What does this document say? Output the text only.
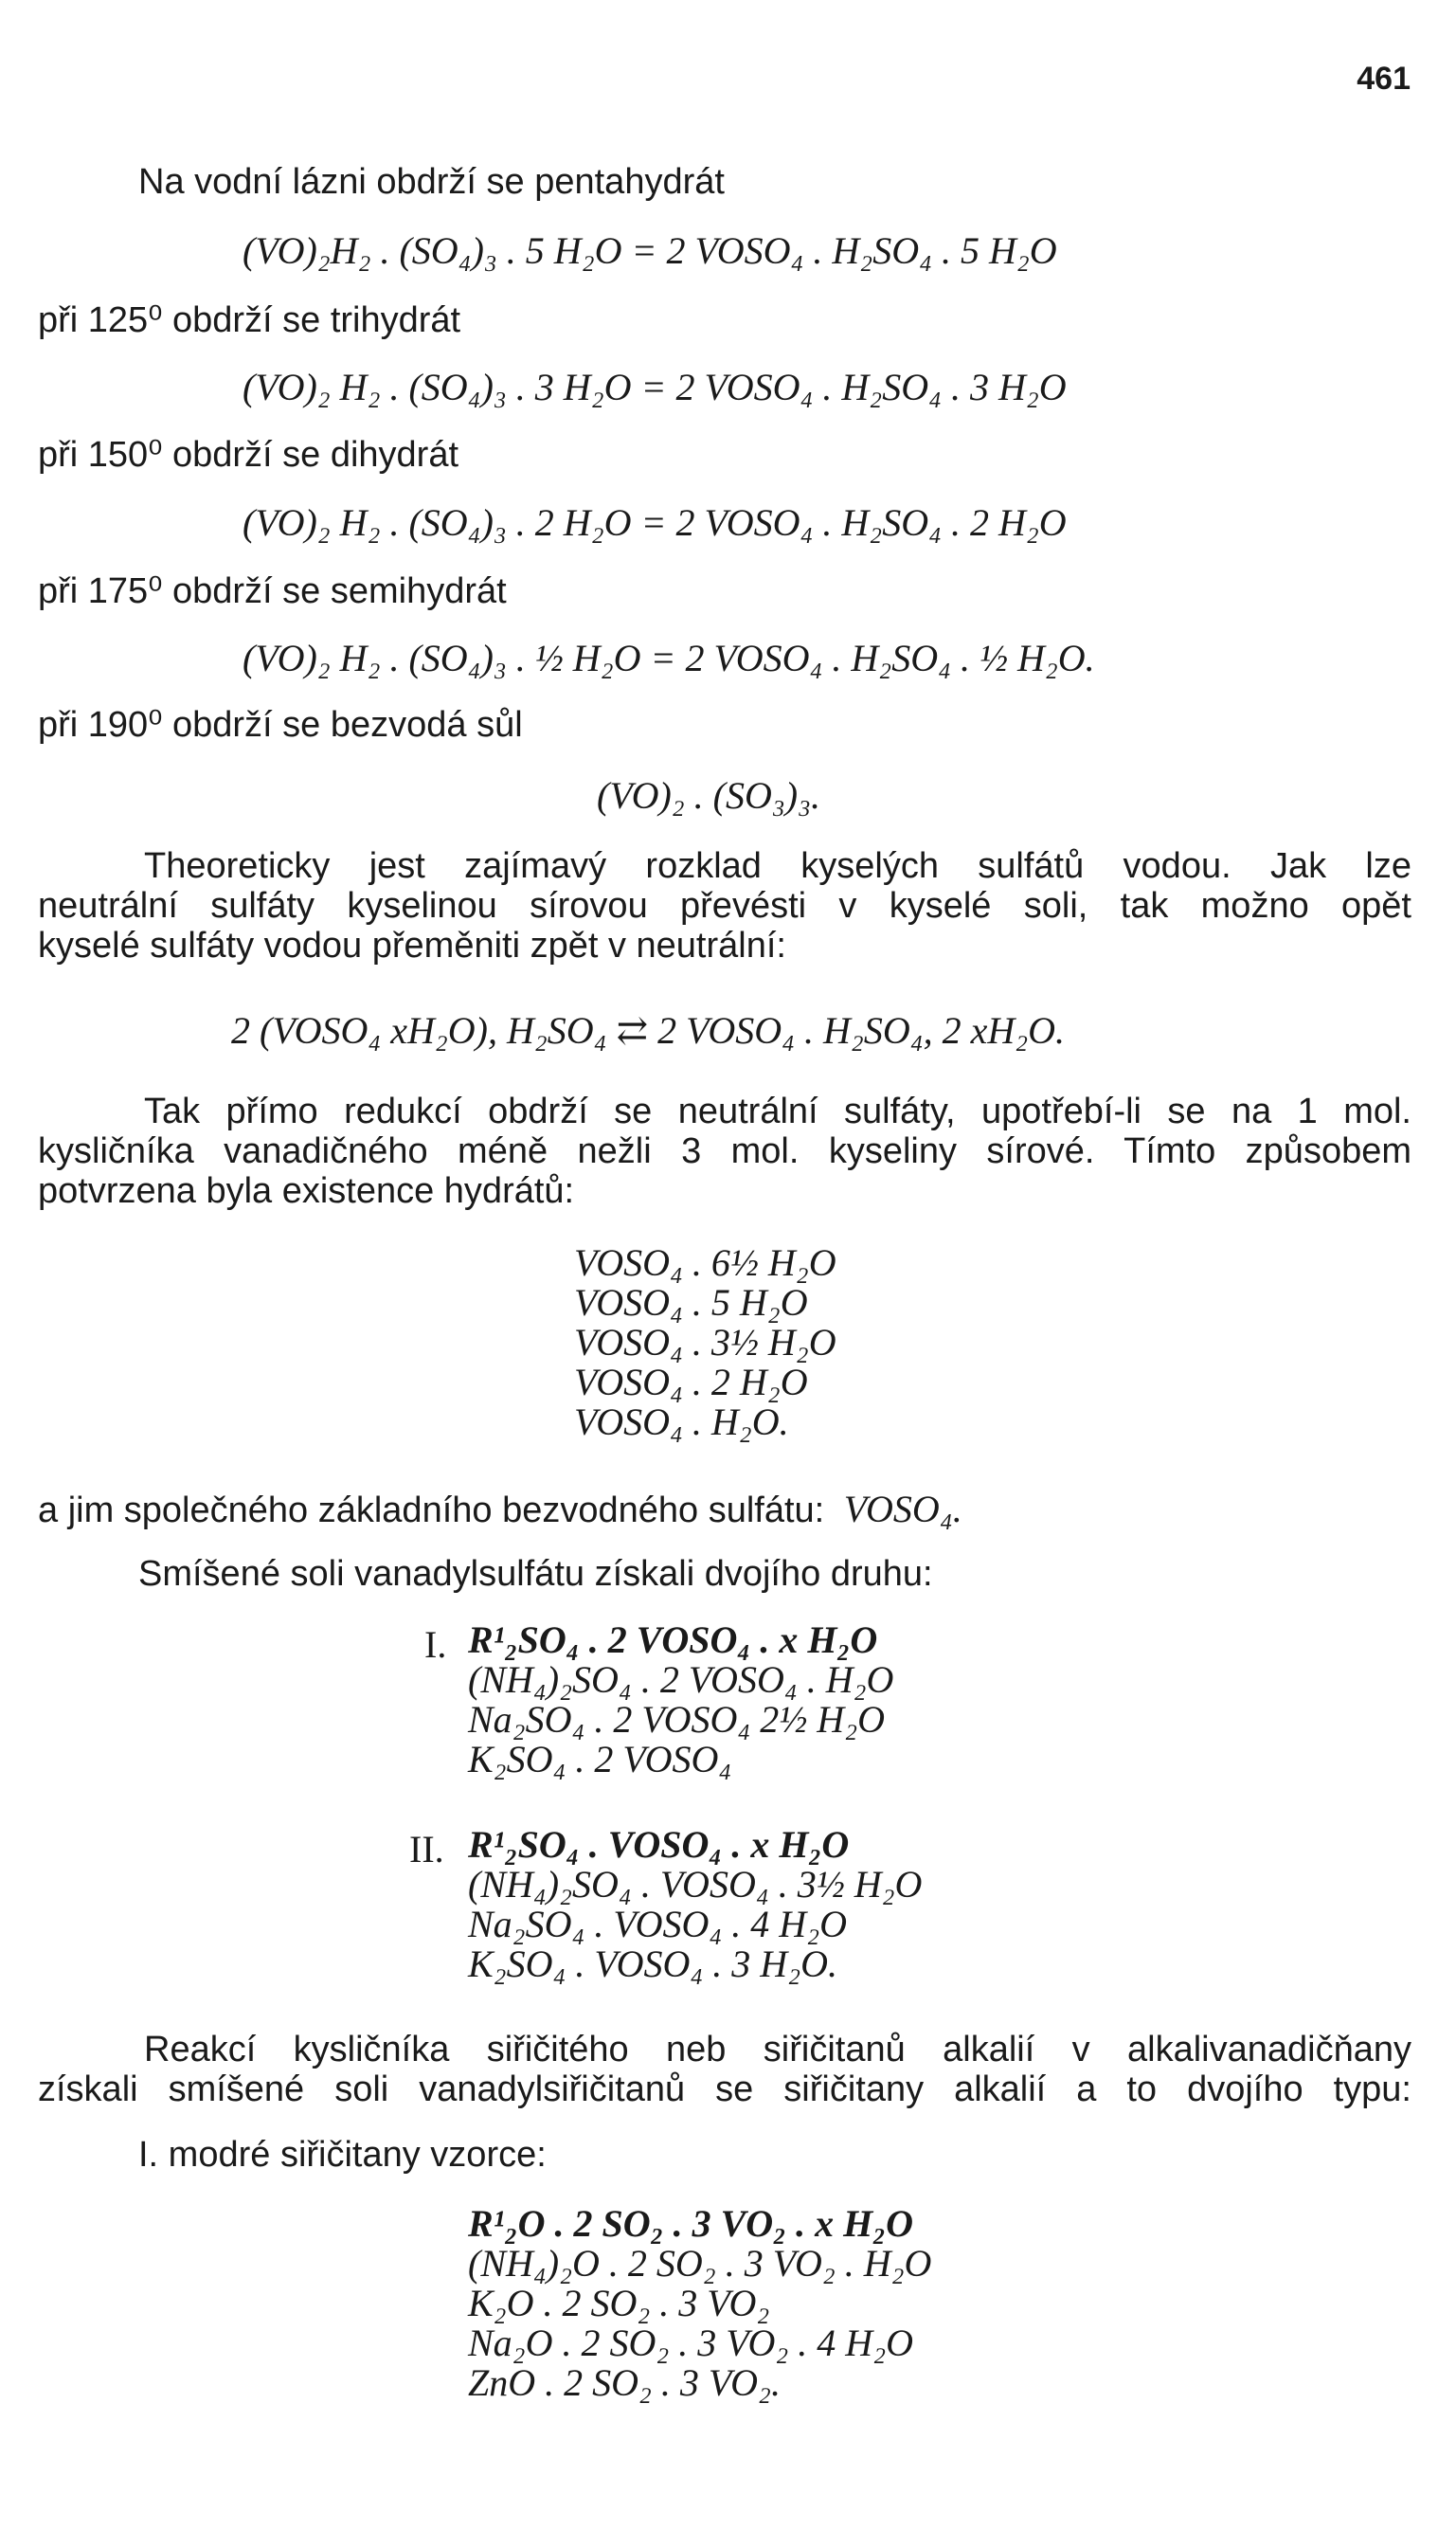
461
Na vodní lázni obdrží se pentahydrát
(VO)₂H₂ . (SO₄)₃ . 5 H₂O = 2 VOSO₄ . H₂SO₄ . 5 H₂O
při 125⁰ obdrží se trihydrát
(VO)₂ H₂ . (SO₄)₃ . 3 H₂O = 2 VOSO₄ . H₂SO₄ . 3 H₂O
při 150⁰ obdrží se dihydrát
(VO)₂ H₂ . (SO₄)₃ . 2 H₂O = 2 VOSO₄ . H₂SO₄ . 2 H₂O
při 175⁰ obdrží se semihydrát
(VO)₂ H₂ . (SO₄)₃ . ½ H₂O = 2 VOSO₄ . H₂SO₄ . ½ H₂O.
při 190⁰ obdrží se bezvodá sůl
(VO)₂ . (SO₃)₃.
Theoreticky jest zajímavý rozklad kyselých sulfátů vodou. Jak lze
neutrální sulfáty kyselinou sírovou převésti v kyselé soli, tak možno opět
kyselé sulfáty vodou přeměniti zpět v neutrální:
2 (VOSO₄ xH₂O), H₂SO₄ ⇄ 2 VOSO₄ . H₂SO₄, 2 xH₂O.
Tak přímo redukcí obdrží se neutrální sulfáty, upotřebí-li se na 1 mol.
kysličníka vanadičného méně nežli 3 mol. kyseliny sírové. Tímto způsobem
potvrzena byla existence hydrátů:
VOSO₄ . 6½ H₂O
VOSO₄ . 5 H₂O
VOSO₄ . 3½ H₂O
VOSO₄ . 2 H₂O
VOSO₄ . H₂O.
a jim společného základního bezvodného sulfátu: VOSO₄.
Smíšené soli vanadylsulfátu získali dvojího druhu:
I. R¹₂SO₄ . 2 VOSO₄ . x H₂O
(NH₄)₂SO₄ . 2 VOSO₄ . H₂O
Na₂SO₄ . 2 VOSO₄ 2½ H₂O
K₂SO₄ . 2 VOSO₄
II. R¹₂SO₄ . VOSO₄ . x H₂O
(NH₄)₂SO₄ . VOSO₄ . 3½ H₂O
Na₂SO₄ . VOSO₄ . 4 H₂O
K₂SO₄ . VOSO₄ . 3 H₂O.
Reakcí kysličníka siřičitého neb siřičitanů alkalií v alkalivanadičňany
získali smíšené soli vanadylsiřičitanů se siřičitany alkalií a to dvojího typu:
I. modré siřičitany vzorce:
R¹₂O . 2 SO₂ . 3 VO₂ . x H₂O
(NH₄)₂O . 2 SO₂ . 3 VO₂ . H₂O
K₂O . 2 SO₂ . 3 VO₂
Na₂O . 2 SO₂ . 3 VO₂ . 4 H₂O
ZnO . 2 SO₂ . 3 VO₂.
